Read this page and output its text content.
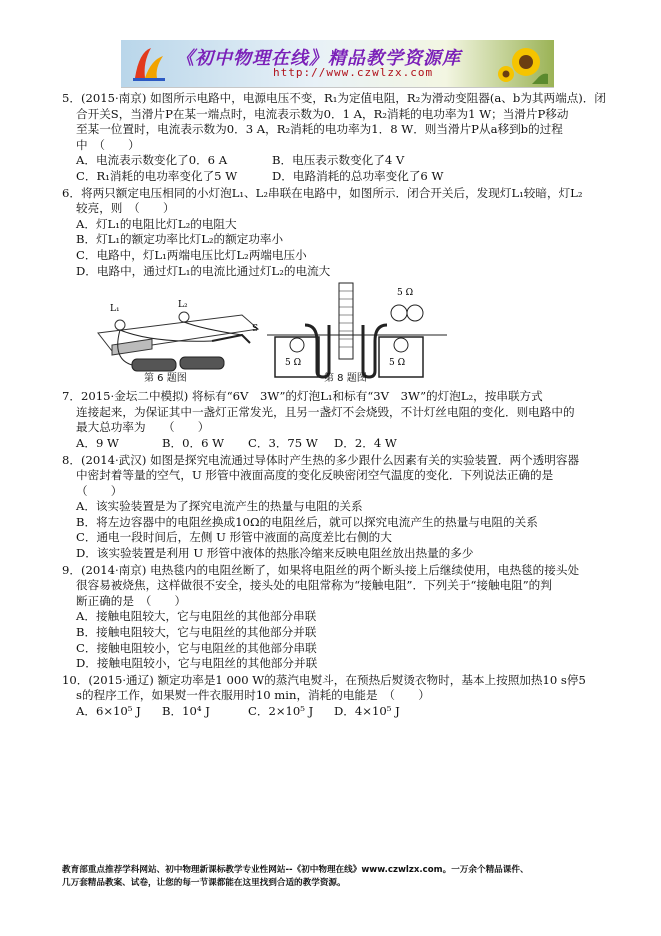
《初中物理在线》精品教学资源库
http://www.czwlzx.com
5．(2015·南京) 如图所示电路中，电源电压不变，R₁为定值电阻，R₂为滑动变阻器(a、b为其两端点)．闭
合开关S，当滑片P在某一端点时，电流表示数为0．1 A，R₂消耗的电功率为1 W；当滑片P移动
至某一位置时，电流表示数为0．3 A，R₂消耗的电功率为1．8 W．则当滑片P从a移到b的过程
中　（　　）
A．电流表示数变化了0．6 A	B．电压表示数变化了4 V
C．R₁消耗的电功率变化了5 W	D．电路消耗的总功率变化了6 W
6．将两只额定电压相同的小灯泡L₁、L₂串联在电路中，如图所示．闭合开关后，发现灯L₁较暗，灯L₂
较亮，则　（　　）
A．灯L₁的电阻比灯L₂的电阻大
B．灯L₁的额定功率比灯L₂的额定功率小
C．电路中，灯L₁两端电压比灯L₂两端电压小
D．电路中，通过灯L₁的电流比通过灯L₂的电流大
L₁	L₂
S
第 6 题图
5 Ω	5 Ω
5 Ω
第 8 题图
7．2015·金坛二中模拟) 将标有“6V　3W”的灯泡L₁和标有“3V　3W”的灯泡L₂，按串联方式
连接起来，为保证其中一盏灯正常发光，且另一盏灯不会烧毁，不计灯丝电阻的变化．则电路中的
最大总功率为　　（　　）
A．9 W	B．0．6 W	C．3．75 W	D．2．4 W
8．(2014·武汉) 如图是探究电流通过导体时产生热的多少跟什么因素有关的实验装置．两个透明容器
中密封着等量的空气，U 形管中液面高度的变化反映密闭空气温度的变化．下列说法正确的是
（　　）
A．该实验装置是为了探究电流产生的热量与电阻的关系
B．将左边容器中的电阻丝换成10Ω的电阻丝后，就可以探究电流产生的热量与电阻的关系
C．通电一段时间后，左侧 U 形管中液面的高度差比右侧的大
D．该实验装置是利用 U 形管中液体的热胀冷缩来反映电阻丝放出热量的多少
9．(2014·南京) 电热毯内的电阻丝断了，如果将电阻丝的两个断头接上后继续使用，电热毯的接头处
很容易被烧焦，这样做很不安全，接头处的电阻常称为“接触电阻”．下列关于“接触电阻”的判
断正确的是　（　　）
A．接触电阻较大，它与电阻丝的其他部分串联
B．接触电阻较大，它与电阻丝的其他部分并联
C．接触电阻较小，它与电阻丝的其他部分串联
D．接触电阻较小，它与电阻丝的其他部分并联
10．(2015·通辽) 额定功率是1 000 W的蒸汽电熨斗，在预热后熨烫衣物时，基本上按照加热10 s停5
s的程序工作，如果熨一件衣服用时10 min，消耗的电能是　（　　）
A．6×10⁵ J	B．10⁴ J	C．2×10⁵ J	D．4×10⁵ J
教育部重点推荐学科网站、初中物理新课标教学专业性网站--《初中物理在线》www.czwlzx.com。一万余个精品课件、
几万套精品教案、试卷，让您的每一节课都能在这里找到合适的教学资源。
